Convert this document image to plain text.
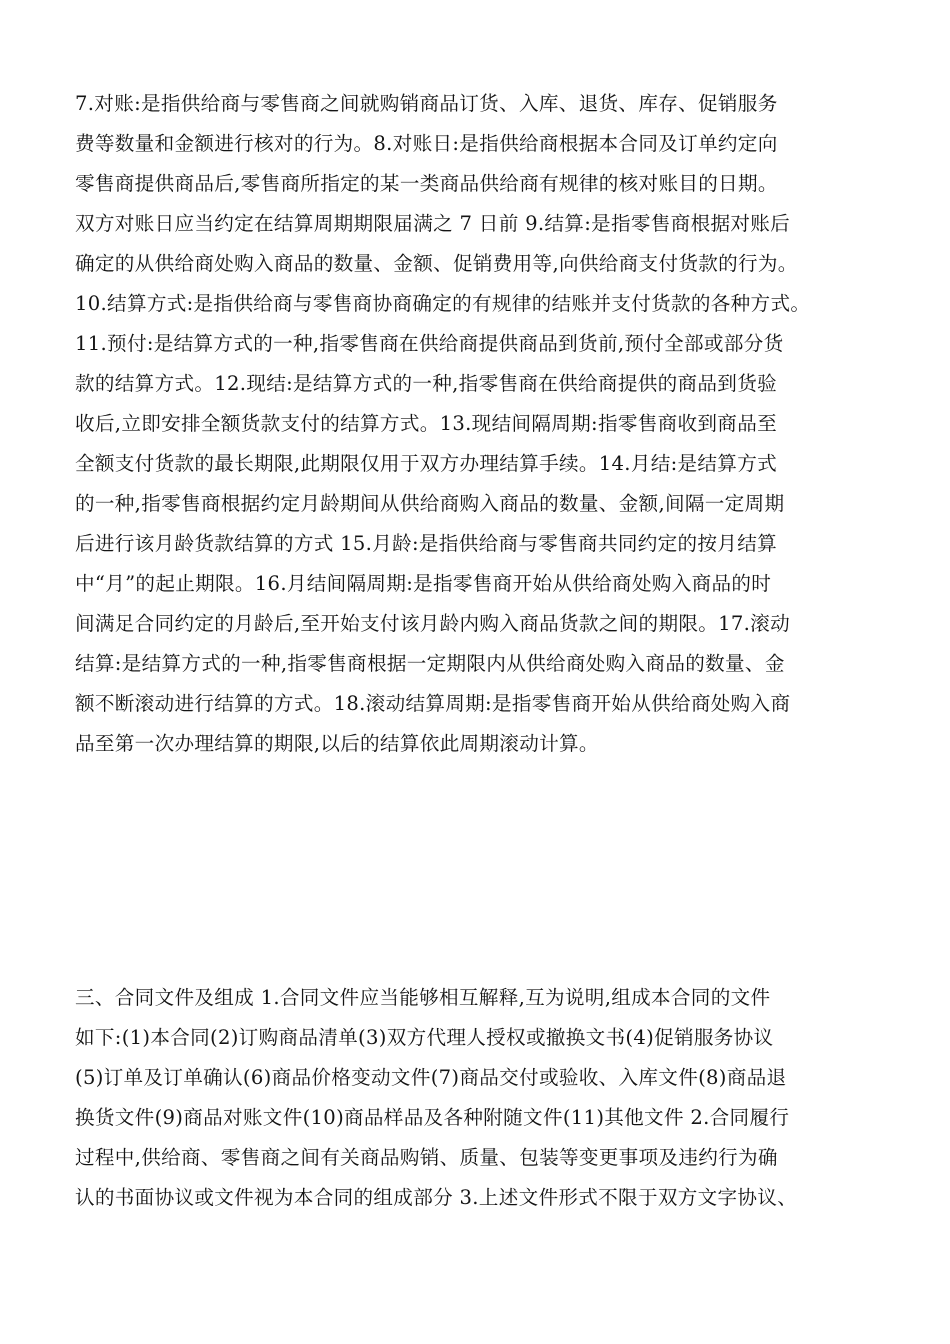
7.对账:是指供给商与零售商之间就购销商品订货、入库、退货、库存、促销服务
费等数量和金额进行核对的行为。8.对账日:是指供给商根据本合同及订单约定向
零售商提供商品后,零售商所指定的某一类商品供给商有规律的核对账目的日期。
双方对账日应当约定在结算周期期限届满之 7 日前 9.结算:是指零售商根据对账后
确定的从供给商处购入商品的数量、金额、促销费用等,向供给商支付货款的行为。
10.结算方式:是指供给商与零售商协商确定的有规律的结账并支付货款的各种方式。
11.预付:是结算方式的一种,指零售商在供给商提供商品到货前,预付全部或部分货
款的结算方式。12.现结:是结算方式的一种,指零售商在供给商提供的商品到货验
收后,立即安排全额货款支付的结算方式。13.现结间隔周期:指零售商收到商品至
全额支付货款的最长期限,此期限仅用于双方办理结算手续。14.月结:是结算方式
的一种,指零售商根据约定月龄期间从供给商购入商品的数量、金额,间隔一定周期
后进行该月龄货款结算的方式 15.月龄:是指供给商与零售商共同约定的按月结算
中“月”的起止期限。16.月结间隔周期:是指零售商开始从供给商处购入商品的时
间满足合同约定的月龄后,至开始支付该月龄内购入商品货款之间的期限。17.滚动
结算:是结算方式的一种,指零售商根据一定期限内从供给商处购入商品的数量、金
额不断滚动进行结算的方式。18.滚动结算周期:是指零售商开始从供给商处购入商
品至第一次办理结算的期限,以后的结算依此周期滚动计算。
三、合同文件及组成 1.合同文件应当能够相互解释,互为说明,组成本合同的文件
如下:(1)本合同(2)订购商品清单(3)双方代理人授权或撤换文书(4)促销服务协议
(5)订单及订单确认(6)商品价格变动文件(7)商品交付或验收、入库文件(8)商品退
换货文件(9)商品对账文件(10)商品样品及各种附随文件(11)其他文件 2.合同履行
过程中,供给商、零售商之间有关商品购销、质量、包装等变更事项及违约行为确
认的书面协议或文件视为本合同的组成部分 3.上述文件形式不限于双方文字协议、
